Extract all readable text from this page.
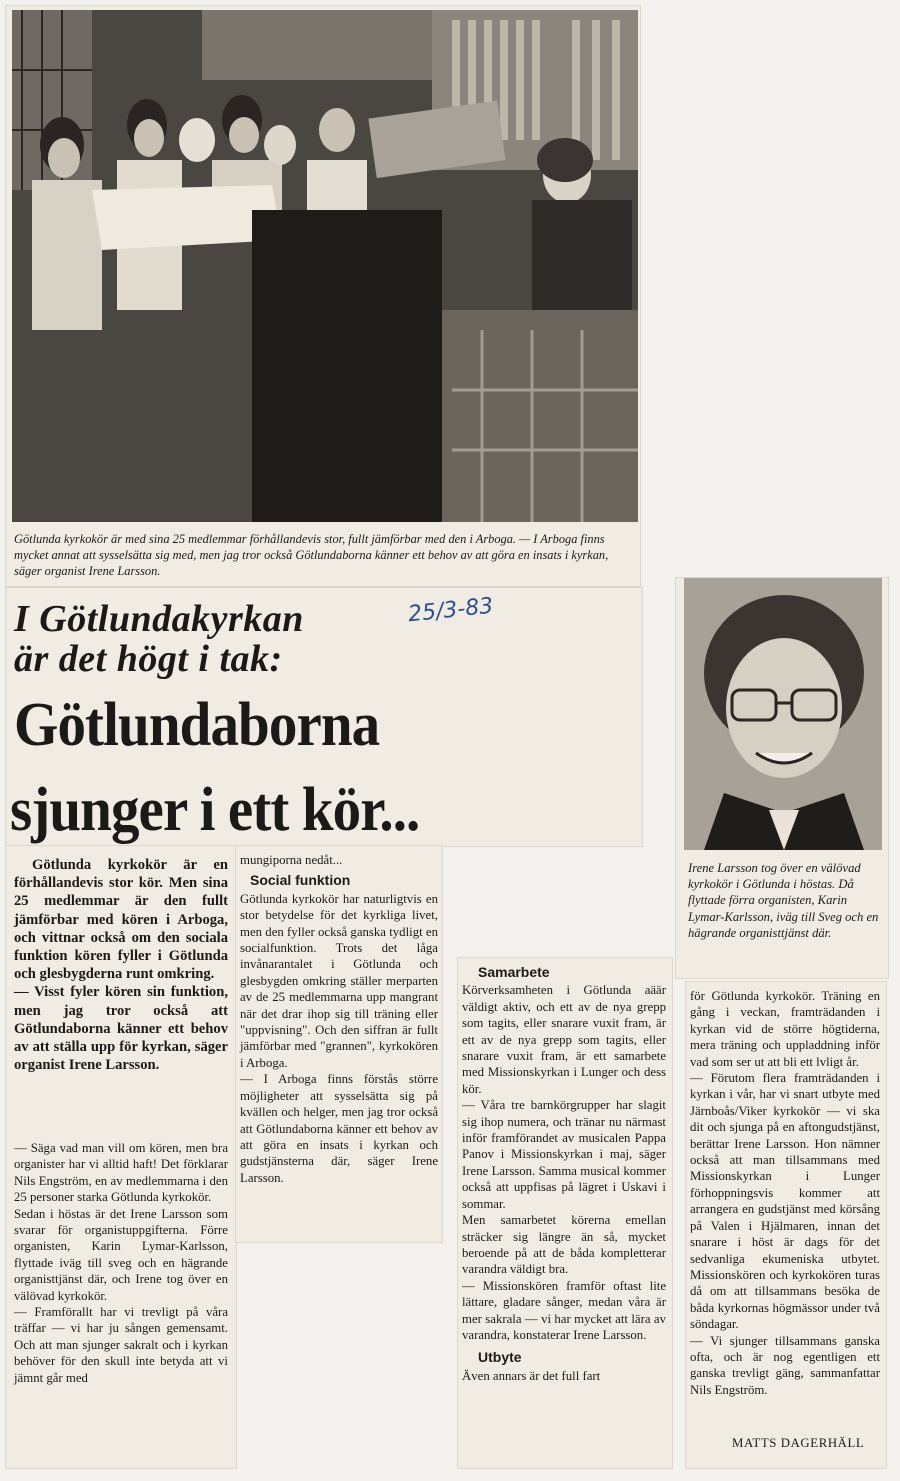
Götlunda kyrkokör är med sina 25 medlemmar förhållandevis stor, fullt jämförbar med den i Arboga. — I Arboga finns mycket annat att sysselsätta sig med, men jag tror också Götlundaborna känner ett behov av att göra en insats i kyrkan, säger organist Irene Larsson.
I Götlundakyrkan
är det högt i tak:
25/3-83
Götlundaborna
sjunger i ett kör...
Irene Larsson tog över en välövad kyrkokör i Götlunda i höstas. Då flyttade förra organisten, Karin Lymar-Karlsson, iväg till Sveg och en hägrande organisttjänst där.

Götlunda kyrkokör är en förhållandevis stor kör. Men sina 25 medlemmar är den fullt jämförbar med kören i Arboga, och vittnar också om den sociala funktion kören fyller i Götlunda och glesbygderna runt omkring.

— Visst fyler kören sin funktion, men jag tror också att Götlundaborna känner ett behov av att ställa upp för kyrkan, säger organist Irene Larsson.

— Säga vad man vill om kören, men bra organister har vi alltid haft! Det förklarar Nils Engström, en av medlemmarna i den 25 personer starka Götlunda kyrkokör.

Sedan i höstas är det Irene Larsson som svarar för organistuppgifterna. Förre organisten, Karin Lymar-Karlsson, flyttade iväg till sveg och en hägrande organisttjänst där, och Irene tog över en välövad kyrkokör.

— Framförallt har vi trevligt på våra träffar — vi har ju sången gemensamt. Och att man sjunger sakralt och i kyrkan behöver för den skull inte betyda att vi jämnt går med

mungiporna nedåt...

Social funktion

Götlunda kyrkokör har naturligtvis en stor betydelse för det kyrkliga livet, men den fyller också ganska tydligt en socialfunktion. Trots det låga invånarantalet i Götlunda och glesbygden omkring ställer merparten av de 25 medlemmarna upp mangrant när det drar ihop sig till träning eller "uppvisning". Och den siffran är fullt jämförbar med "grannen", kyrkokören i Arboga.

— I Arboga finns förstås större möjligheter att sysselsätta sig på kvällen och helger, men jag tror också att Götlundaborna känner ett behov av att göra en insats i kyrkan och gudstjänsterna där, säger Irene Larsson.

Samarbete

Körverksamheten i Götlunda aäär väldigt aktiv, och ett av de nya grepp som tagits, eller snarare vuxit fram, är ett av de nya grepp som tagits, eller snarare vuxit fram, är ett samarbete med Missionskyrkan i Lunger och dess kör.

— Våra tre barnkörgrupper har slagit sig ihop numera, och tränar nu närmast inför framförandet av musicalen Pappa Panov i Missionskyrkan i maj, säger Irene Larsson. Samma musical kommer också att uppfisas på lägret i Uskavi i sommar.

Men samarbetet körerna emellan sträcker sig längre än så, mycket beroende på att de båda kompletterar varandra väldigt bra.

— Missionskören framför oftast lite lättare, gladare sånger, medan våra är mer sakrala — vi har mycket att lära av varandra, konstaterar Irene Larsson.

Utbyte

Även annars är det full fart

för Götlunda kyrkokör. Träning en gång i veckan, framträdanden i kyrkan vid de större högtiderna, mera träning och uppladdning inför vad som ser ut att bli ett lvligt år.

— Förutom flera framträdanden i kyrkan i vår, har vi snart utbyte med Järnboås/Viker kyrkokör — vi ska dit och sjunga på en aftongudstjänst, berättar Irene Larsson. Hon nämner också att man tillsammans med Missionskyrkan i Lunger förhoppningsvis kommer att arrangera en gudstjänst med körsång på Valen i Hjälmaren, innan det snarare i höst är dags för det sedvanliga ekumeniska utbytet. Missionskören och kyrkokören turas då om att tillsammans besöka de båda kyrkornas högmässor under två söndagar.

— Vi sjunger tillsammans ganska ofta, och är nog egentligen ett ganska trevligt gäng, sammanfattar Nils Engström.

MATTS DAGERHÄLL
